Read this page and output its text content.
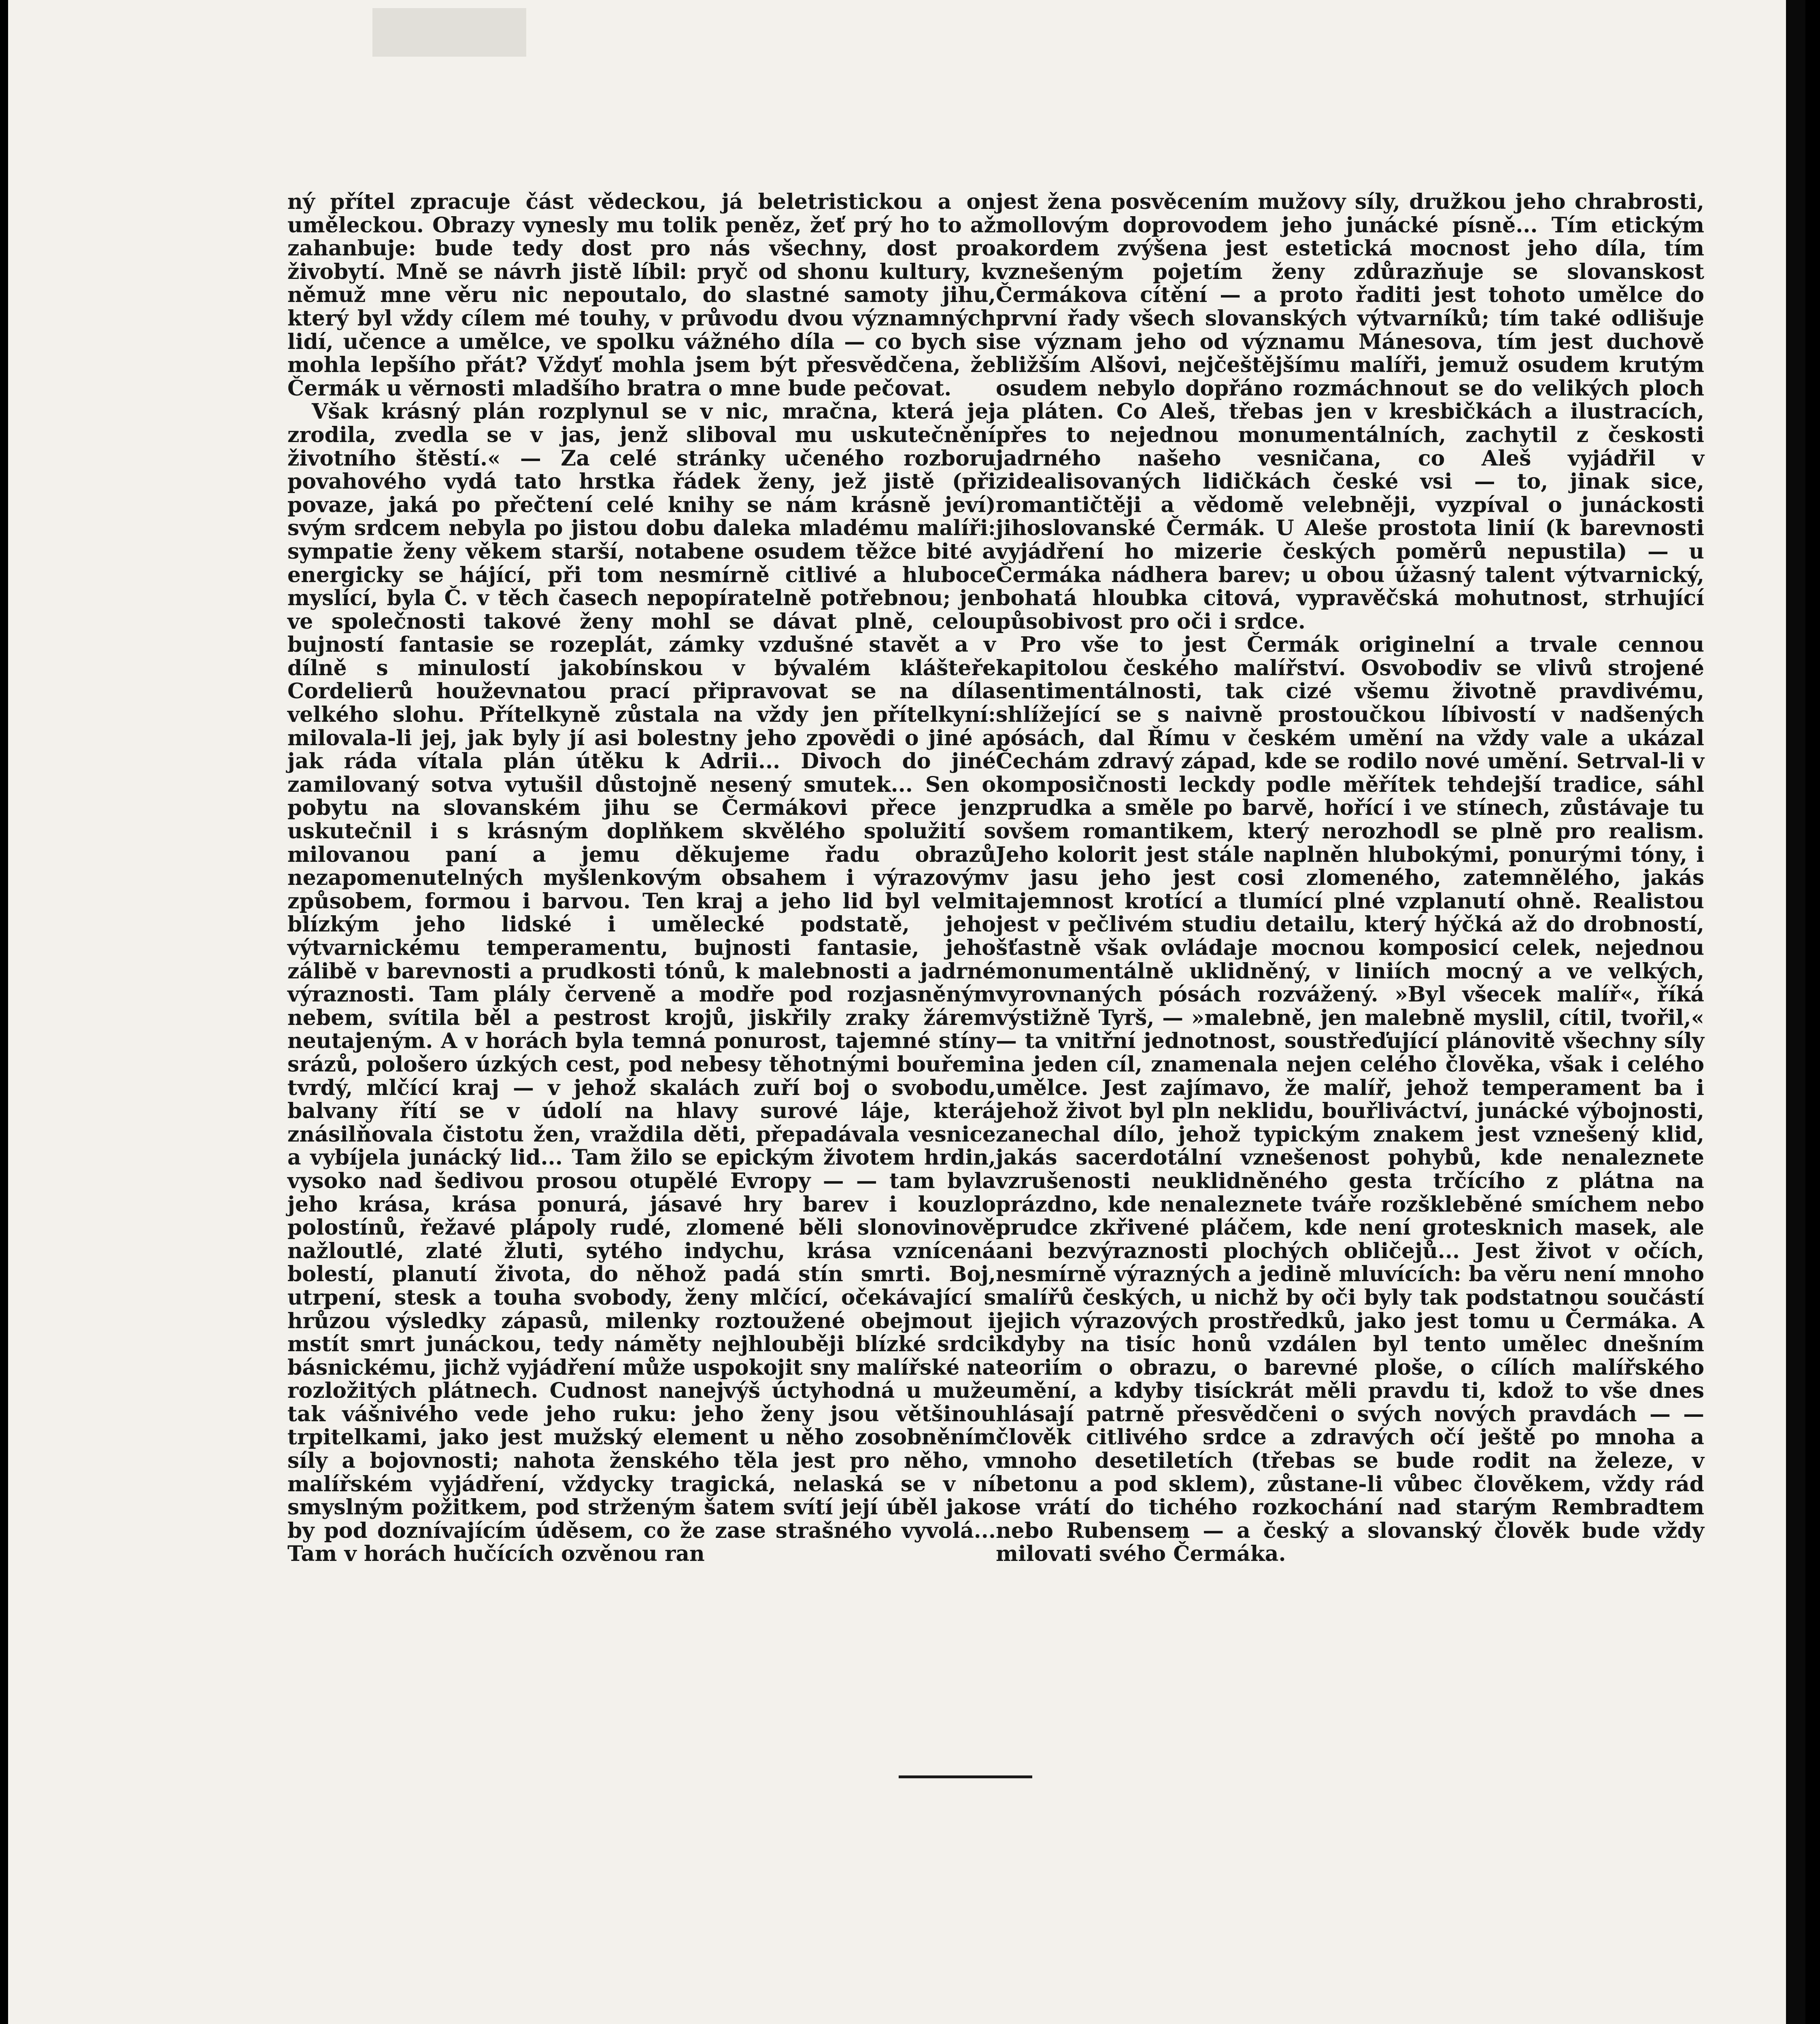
ný přítel zpracuje část vědeckou, já beletristickou a on uměleckou. Obrazy vynesly mu tolik peněz, žeť prý ho to až zahanbuje: bude tedy dost pro nás všechny, dost pro živobytí. Mně se návrh jistě líbil: pryč od shonu kultury, k němuž mne věru nic nepoutalo, do slastné samoty jihu, který byl vždy cílem mé touhy, v průvodu dvou významných lidí, učence a umělce, ve spolku vážného díla — co bych si mohla lepšího přát? Vždyť mohla jsem být přesvědčena, že Čermák u věrnosti mladšího bratra o mne bude pečovat.

Však krásný plán rozplynul se v nic, mračna, která jej zrodila, zvedla se v jas, jenž sliboval mu uskutečnění životního štěstí.« — Za celé stránky učeného rozboru povahového vydá tato hrstka řádek ženy, jež jistě (při povaze, jaká po přečtení celé knihy se nám krásně jeví) svým srdcem nebyla po jistou dobu daleka mladému malíři: sympatie ženy věkem starší, notabene osudem těžce bité a energicky se hájící, při tom nesmírně citlivé a hluboce myslící, byla Č. v těch časech nepopíratelně potřebnou; jen ve společnosti takové ženy mohl se dávat plně, celou bujností fantasie se rozeplát, zámky vzdušné stavět a v dílně s minulostí jakobínskou v bývalém klášteře Cordelierů houževnatou prací připravovat se na díla velkého slohu. Přítelkyně zůstala na vždy jen přítelkyní: milovala-li jej, jak byly jí asi bolestny jeho zpovědi o jiné a jak ráda vítala plán útěku k Adrii... Divoch do jiné zamilovaný sotva vytušil důstojně nesený smutek... Sen o pobytu na slovanském jihu se Čermákovi přece jen uskutečnil i s krásným doplňkem skvělého spolužití s milovanou paní a jemu děkujeme řadu obrazů nezapomenutelných myšlenkovým obsahem i výrazovým způsobem, formou i barvou. Ten kraj a jeho lid byl velmi blízkým jeho lidské i umělecké podstatě, jeho výtvarnickému temperamentu, bujnosti fantasie, jeho zálibě v barevnosti a prudkosti tónů, k malebnosti a jadrné výraznosti. Tam plály červeně a modře pod rozjasněným nebem, svítila běl a pestrost krojů, jiskřily zraky žárem neutajeným. A v horách byla temná ponurost, tajemné stíny srázů, pološero úzkých cest, pod nebesy těhotnými bouřemi tvrdý, mlčící kraj — v jehož skalách zuří boj o svobodu, balvany řítí se v údolí na hlavy surové láje, která znásilňovala čistotu žen, vraždila děti, přepadávala vesnice a vybíjela junácký lid... Tam žilo se epickým životem hrdin, vysoko nad šedivou prosou otupělé Evropy — — tam byla jeho krása, krása ponurá, jásavé hry barev i kouzlo polostínů, řežavé plápoly rudé, zlomené běli slonovinově nažloutlé, zlaté žluti, sytého indychu, krása vznícená bolestí, planutí života, do něhož padá stín smrti. Boj, utrpení, stesk a touha svobody, ženy mlčící, očekávající s hrůzou výsledky zápasů, milenky roztoužené obejmout i mstít smrt junáckou, tedy náměty nejhlouběji blízké srdci básnickému, jichž vyjádření může uspokojit sny malířské na rozložitých plátnech. Cudnost nanejvýš úctyhodná u muže tak vášnivého vede jeho ruku: jeho ženy jsou většinou trpitelkami, jako jest mužský element u něho zosobněním síly a bojovnosti; nahota ženského těla jest pro něho, v malířském vyjádření, vždycky tragická, nelaská se v ní smyslným požitkem, pod strženým šatem svítí její úběl jako by pod doznívajícím úděsem, co že zase strašného vyvolá... Tam v horách hučících ozvěnou ran

jest žena posvěcením mužovy síly, družkou jeho chrabrosti, mollovým doprovodem jeho junácké písně... Tím etickým akordem zvýšena jest estetická mocnost jeho díla, tím vznešeným pojetím ženy zdůrazňuje se slovanskost Čermákova cítění — a proto řaditi jest tohoto umělce do první řady všech slovanských výtvarníků; tím také odlišuje se význam jeho od významu Mánesova, tím jest duchově bližším Alšovi, nejčeštějšímu malíři, jemuž osudem krutým osudem nebylo dopřáno rozmáchnout se do velikých ploch a pláten. Co Aleš, třebas jen v kresbičkách a ilustracích, přes to nejednou monumentálních, zachytil z českosti jadrného našeho vesničana, co Aleš vyjádřil v zidealisovaných lidičkách české vsi — to, jinak sice, romantičtěji a vědomě velebněji, vyzpíval o junáckosti jihoslovanské Čermák. U Aleše prostota linií (k barevnosti vyjádření ho mizerie českých poměrů nepustila) — u Čermáka nádhera barev; u obou úžasný talent výtvarnický, bohatá hloubka citová, vypravěčská mohutnost, strhující působivost pro oči i srdce.

Pro vše to jest Čermák originelní a trvale cennou kapitolou českého malířství. Osvobodiv se vlivů strojené sentimentálnosti, tak cizé všemu životně pravdivému, shlížející se s naivně prostoučkou líbivostí v nadšených pósách, dal Římu v českém umění na vždy vale a ukázal Čechám zdravý západ, kde se rodilo nové umění. Setrval-li v komposičnosti leckdy podle měřítek tehdejší tradice, sáhl zprudka a směle po barvě, hořící i ve stínech, zůstávaje tu ovšem romantikem, který nerozhodl se plně pro realism. Jeho kolorit jest stále naplněn hlubokými, ponurými tóny, i v jasu jeho jest cosi zlomeného, zatemnělého, jakás tajemnost krotící a tlumící plné vzplanutí ohně. Realistou jest v pečlivém studiu detailu, který hýčká až do drobností, šťastně však ovládaje mocnou komposicí celek, nejednou monumentálně uklidněný, v liniích mocný a ve velkých, vyrovnaných pósách rozvážený. »Byl všecek malíř«, říká výstižně Tyrš, — »malebně, jen malebně myslil, cítil, tvořil,« — ta vnitřní jednotnost, soustřeďující plánovitě všechny síly na jeden cíl, znamenala nejen celého člověka, však i celého umělce. Jest zajímavo, že malíř, jehož temperament ba i jehož život byl pln neklidu, bouřliváctví, junácké výbojnosti, zanechal dílo, jehož typickým znakem jest vznešený klid, jakás sacerdotální vznešenost pohybů, kde nenaleznete vzrušenosti neuklidněného gesta trčícího z plátna na prázdno, kde nenaleznete tváře rozškleběné smíchem nebo prudce zkřivené pláčem, kde není grotesknich masek, ale ani bezvýraznosti plochých obličejů... Jest život v očích, nesmírně výrazných a jedině mluvících: ba věru není mnoho malířů českých, u nichž by oči byly tak podstatnou součástí jejich výrazových prostředků, jako jest tomu u Čermáka. A kdyby na tisíc honů vzdálen byl tento umělec dnešním teoriím o obrazu, o barevné ploše, o cílích malířského umění, a kdyby tisíckrát měli pravdu ti, kdož to vše dnes hlásají patrně přesvědčeni o svých nových pravdách — — člověk citlivého srdce a zdravých očí ještě po mnoha a mnoho desetiletích (třebas se bude rodit na železe, v betonu a pod sklem), zůstane-li vůbec člověkem, vždy rád se vrátí do tichého rozkochání nad starým Rembradtem nebo Rubensem — a český a slovanský člověk bude vždy milovati svého Čermáka.
